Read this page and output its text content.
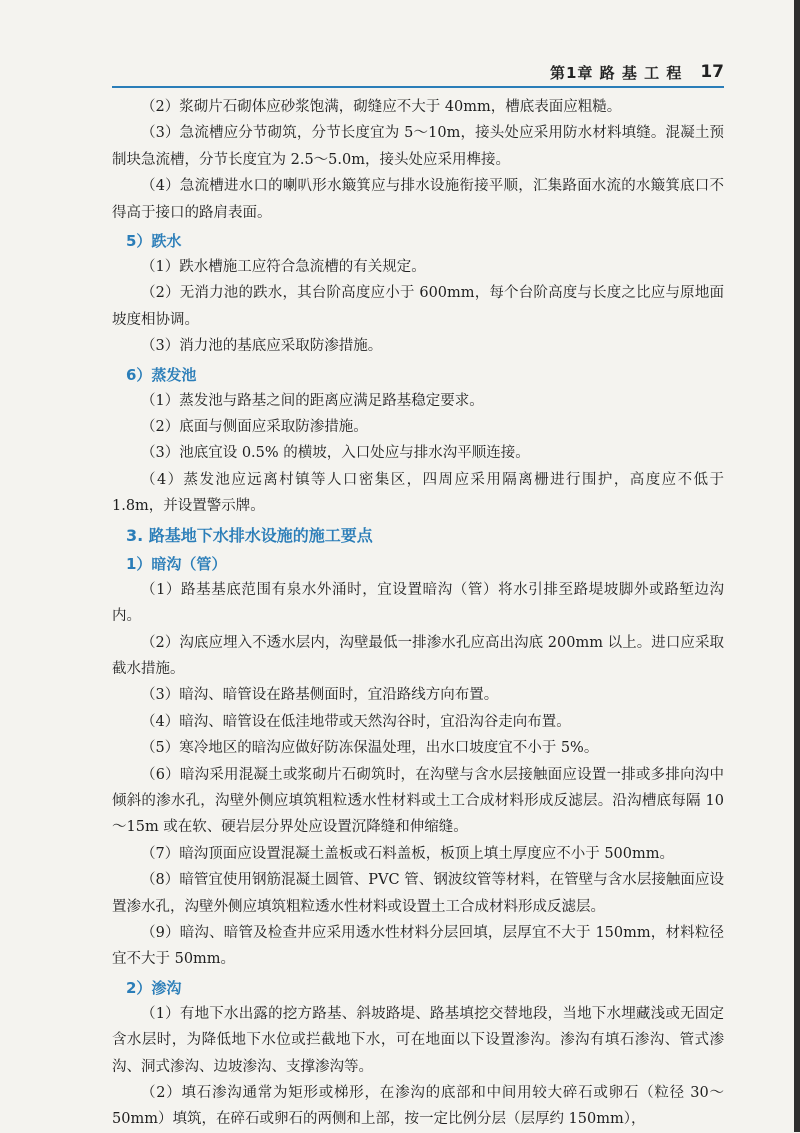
第1章 路 基 工 程 17

（2）浆砌片石砌体应砂浆饱满，砌缝应不大于 40mm，槽底表面应粗糙。

（3）急流槽应分节砌筑，分节长度宜为 5～10m，接头处应采用防水材料填缝。混凝土预制块急流槽，分节长度宜为 2.5～5.0m，接头处应采用榫接。

（4）急流槽进水口的喇叭形水簸箕应与排水设施衔接平顺，汇集路面水流的水簸箕底口不得高于接口的路肩表面。

5）跌水

（1）跌水槽施工应符合急流槽的有关规定。

（2）无消力池的跌水，其台阶高度应小于 600mm，每个台阶高度与长度之比应与原地面坡度相协调。

（3）消力池的基底应采取防渗措施。

6）蒸发池

（1）蒸发池与路基之间的距离应满足路基稳定要求。

（2）底面与侧面应采取防渗措施。

（3）池底宜设 0.5% 的横坡，入口处应与排水沟平顺连接。

（4）蒸发池应远离村镇等人口密集区，四周应采用隔离栅进行围护，高度应不低于 1.8m，并设置警示牌。

3. 路基地下水排水设施的施工要点
1）暗沟（管）

（1）路基基底范围有泉水外涌时，宜设置暗沟（管）将水引排至路堤坡脚外或路堑边沟内。

（2）沟底应埋入不透水层内，沟壁最低一排渗水孔应高出沟底 200mm 以上。进口应采取截水措施。

（3）暗沟、暗管设在路基侧面时，宜沿路线方向布置。

（4）暗沟、暗管设在低洼地带或天然沟谷时，宜沿沟谷走向布置。

（5）寒冷地区的暗沟应做好防冻保温处理，出水口坡度宜不小于 5%。

（6）暗沟采用混凝土或浆砌片石砌筑时，在沟壁与含水层接触面应设置一排或多排向沟中倾斜的渗水孔，沟壁外侧应填筑粗粒透水性材料或土工合成材料形成反滤层。沿沟槽底每隔 10～15m 或在软、硬岩层分界处应设置沉降缝和伸缩缝。

（7）暗沟顶面应设置混凝土盖板或石料盖板，板顶上填土厚度应不小于 500mm。

（8）暗管宜使用钢筋混凝土圆管、PVC 管、钢波纹管等材料，在管壁与含水层接触面应设置渗水孔，沟壁外侧应填筑粗粒透水性材料或设置土工合成材料形成反滤层。

（9）暗沟、暗管及检查井应采用透水性材料分层回填，层厚宜不大于 150mm，材料粒径宜不大于 50mm。

2）渗沟

（1）有地下水出露的挖方路基、斜坡路堤、路基填挖交替地段，当地下水埋藏浅或无固定含水层时，为降低地下水位或拦截地下水，可在地面以下设置渗沟。渗沟有填石渗沟、管式渗沟、洞式渗沟、边坡渗沟、支撑渗沟等。

（2）填石渗沟通常为矩形或梯形，在渗沟的底部和中间用较大碎石或卵石（粒径 30～50mm）填筑，在碎石或卵石的两侧和上部，按一定比例分层（层厚约 150mm），
